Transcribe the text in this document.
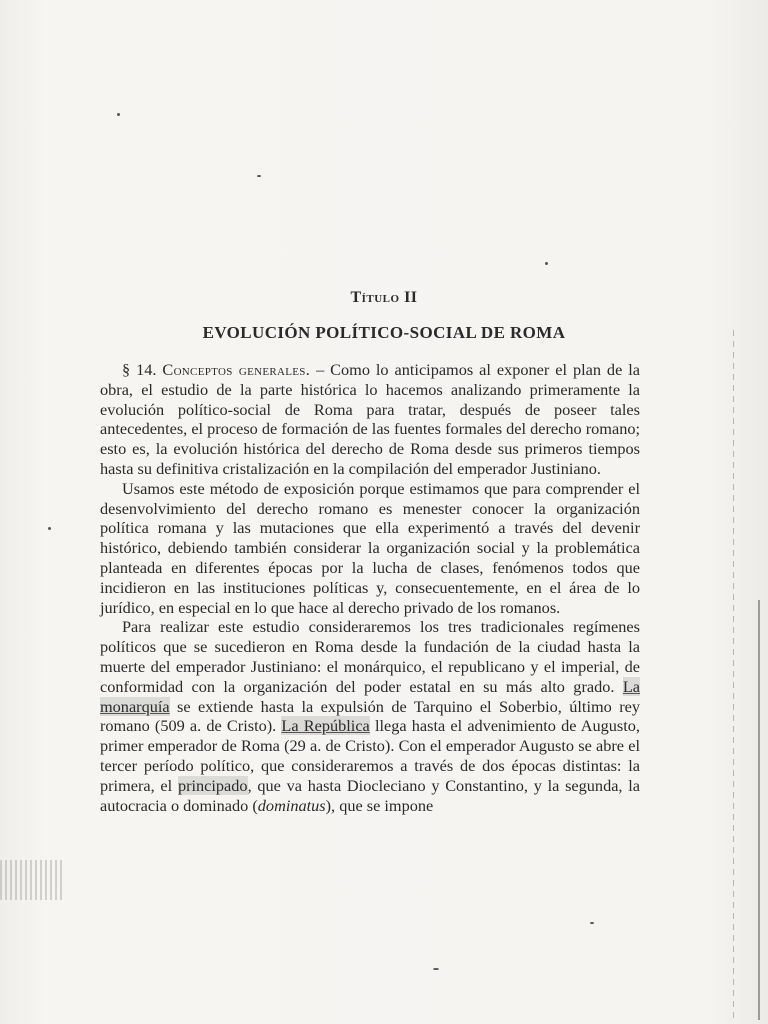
Título II
EVOLUCIÓN POLÍTICO-SOCIAL DE ROMA

§ 14. Conceptos generales. – Como lo anticipamos al exponer el plan de la obra, el estudio de la parte histórica lo hacemos analizando primeramente la evolución político-social de Roma para tratar, después de poseer tales antecedentes, el proceso de formación de las fuentes formales del derecho romano; esto es, la evolución histórica del derecho de Roma desde sus primeros tiempos hasta su definitiva cristalización en la compilación del emperador Justiniano.

Usamos este método de exposición porque estimamos que para comprender el desenvolvimiento del derecho romano es menester conocer la organización política romana y las mutaciones que ella experimentó a través del devenir histórico, debiendo también considerar la organización social y la problemática planteada en diferentes épocas por la lucha de clases, fenómenos todos que incidieron en las instituciones políticas y, consecuentemente, en el área de lo jurídico, en especial en lo que hace al derecho privado de los romanos.

Para realizar este estudio consideraremos los tres tradicionales regímenes políticos que se sucedieron en Roma desde la fundación de la ciudad hasta la muerte del emperador Justiniano: el monárquico, el republicano y el imperial, de conformidad con la organización del poder estatal en su más alto grado. La monarquía se extiende hasta la expulsión de Tarquino el Soberbio, último rey romano (509 a. de Cristo). La República llega hasta el advenimiento de Augusto, primer emperador de Roma (29 a. de Cristo). Con el emperador Augusto se abre el tercer período político, que consideraremos a través de dos épocas distintas: la primera, el principado, que va hasta Diocleciano y Constantino, y la segunda, la autocracia o dominado (dominatus), que se impone
